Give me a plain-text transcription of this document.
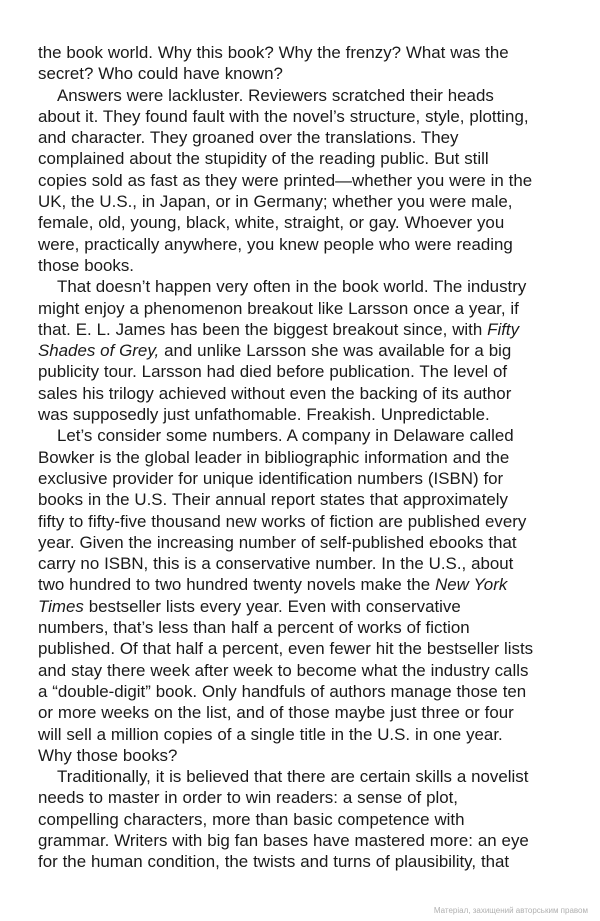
the book world. Why this book? Why the frenzy? What was the
secret? Who could have known?
Answers were lackluster. Reviewers scratched their heads
about it. They found fault with the novel’s structure, style, plotting,
and character. They groaned over the translations. They
complained about the stupidity of the reading public. But still
copies sold as fast as they were printed—whether you were in the
UK, the U.S., in Japan, or in Germany; whether you were male,
female, old, young, black, white, straight, or gay. Whoever you
were, practically anywhere, you knew people who were reading
those books.
That doesn’t happen very often in the book world. The industry
might enjoy a phenomenon breakout like Larsson once a year, if
that. E. L. James has been the biggest breakout since, with Fifty
Shades of Grey, and unlike Larsson she was available for a big
publicity tour. Larsson had died before publication. The level of
sales his trilogy achieved without even the backing of its author
was supposedly just unfathomable. Freakish. Unpredictable.
Let’s consider some numbers. A company in Delaware called
Bowker is the global leader in bibliographic information and the
exclusive provider for unique identification numbers (ISBN) for
books in the U.S. Their annual report states that approximately
fifty to fifty-five thousand new works of fiction are published every
year. Given the increasing number of self-published ebooks that
carry no ISBN, this is a conservative number. In the U.S., about
two hundred to two hundred twenty novels make the New York
Times bestseller lists every year. Even with conservative
numbers, that’s less than half a percent of works of fiction
published. Of that half a percent, even fewer hit the bestseller lists
and stay there week after week to become what the industry calls
a “double-digit” book. Only handfuls of authors manage those ten
or more weeks on the list, and of those maybe just three or four
will sell a million copies of a single title in the U.S. in one year.
Why those books?
Traditionally, it is believed that there are certain skills a novelist
needs to master in order to win readers: a sense of plot,
compelling characters, more than basic competence with
grammar. Writers with big fan bases have mastered more: an eye
for the human condition, the twists and turns of plausibility, that
Матеріал, захищений авторським правом
